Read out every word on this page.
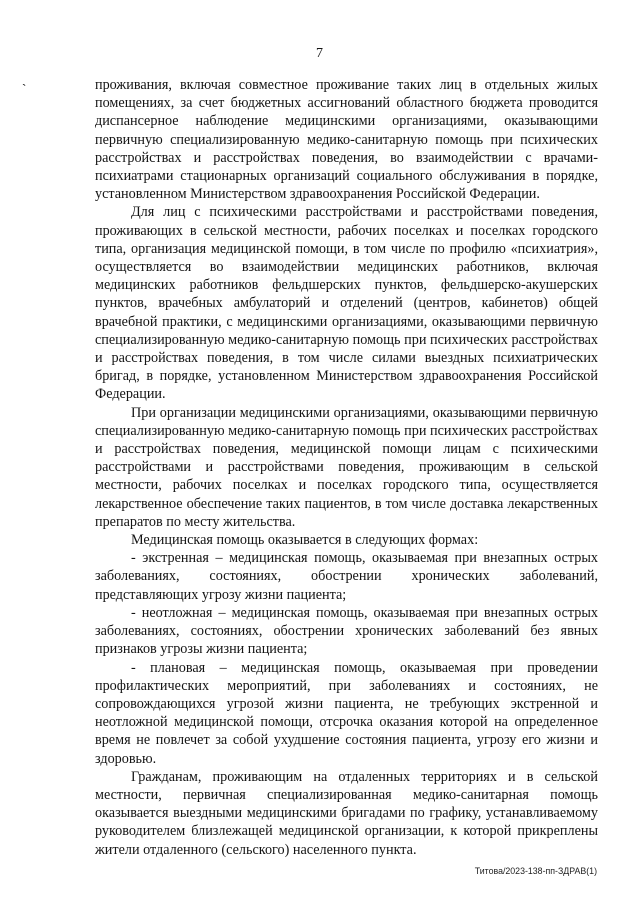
7
`	проживания, включая совместное проживание таких лиц в отдельных жилых помещениях, за счет бюджетных ассигнований областного бюджета проводится диспансерное наблюдение медицинскими организациями, оказывающими первичную специализированную медико-санитарную помощь при психических расстройствах и расстройствах поведения, во взаимодействии с врачами-психиатрами стационарных организаций социального обслуживания в порядке, установленном Министерством здравоохранения Российской Федерации.

Для лиц с психическими расстройствами и расстройствами поведения, проживающих в сельской местности, рабочих поселках и поселках городского типа, организация медицинской помощи, в том числе по профилю «психиатрия», осуществляется во взаимодействии медицинских работников, включая медицинских работников фельдшерских пунктов, фельдшерско-акушерских пунктов, врачебных амбулаторий и отделений (центров, кабинетов) общей врачебной практики, с медицинскими организациями, оказывающими первичную специализированную медико-санитарную помощь при психических расстройствах и расстройствах поведения, в том числе силами выездных психиатрических бригад, в порядке, установленном Министерством здравоохранения Российской Федерации.

При организации медицинскими организациями, оказывающими первичную специализированную медико-санитарную помощь при психических расстройствах и расстройствах поведения, медицинской помощи лицам с психическими расстройствами и расстройствами поведения, проживающим в сельской местности, рабочих поселках и поселках городского типа, осуществляется лекарственное обеспечение таких пациентов, в том числе доставка лекарственных препаратов по месту жительства.

Медицинская помощь оказывается в следующих формах:

- экстренная – медицинская помощь, оказываемая при внезапных острых заболеваниях, состояниях, обострении хронических заболеваний, представляющих угрозу жизни пациента;

- неотложная – медицинская помощь, оказываемая при внезапных острых заболеваниях, состояниях, обострении хронических заболеваний без явных признаков угрозы жизни пациента;

- плановая – медицинская помощь, оказываемая при проведении профилактических мероприятий, при заболеваниях и состояниях, не сопровождающихся угрозой жизни пациента, не требующих экстренной и неотложной медицинской помощи, отсрочка оказания которой на определенное время не повлечет за собой ухудшение состояния пациента, угрозу его жизни и здоровью.

Гражданам, проживающим на отдаленных территориях и в сельской местности, первичная специализированная медико-санитарная помощь оказывается выездными медицинскими бригадами по графику, устанавливаемому руководителем близлежащей медицинской организации, к которой прикреплены жители отдаленного (сельского) населенного пункта.

Титова/2023-138-пп-ЗДРАВ(1)
